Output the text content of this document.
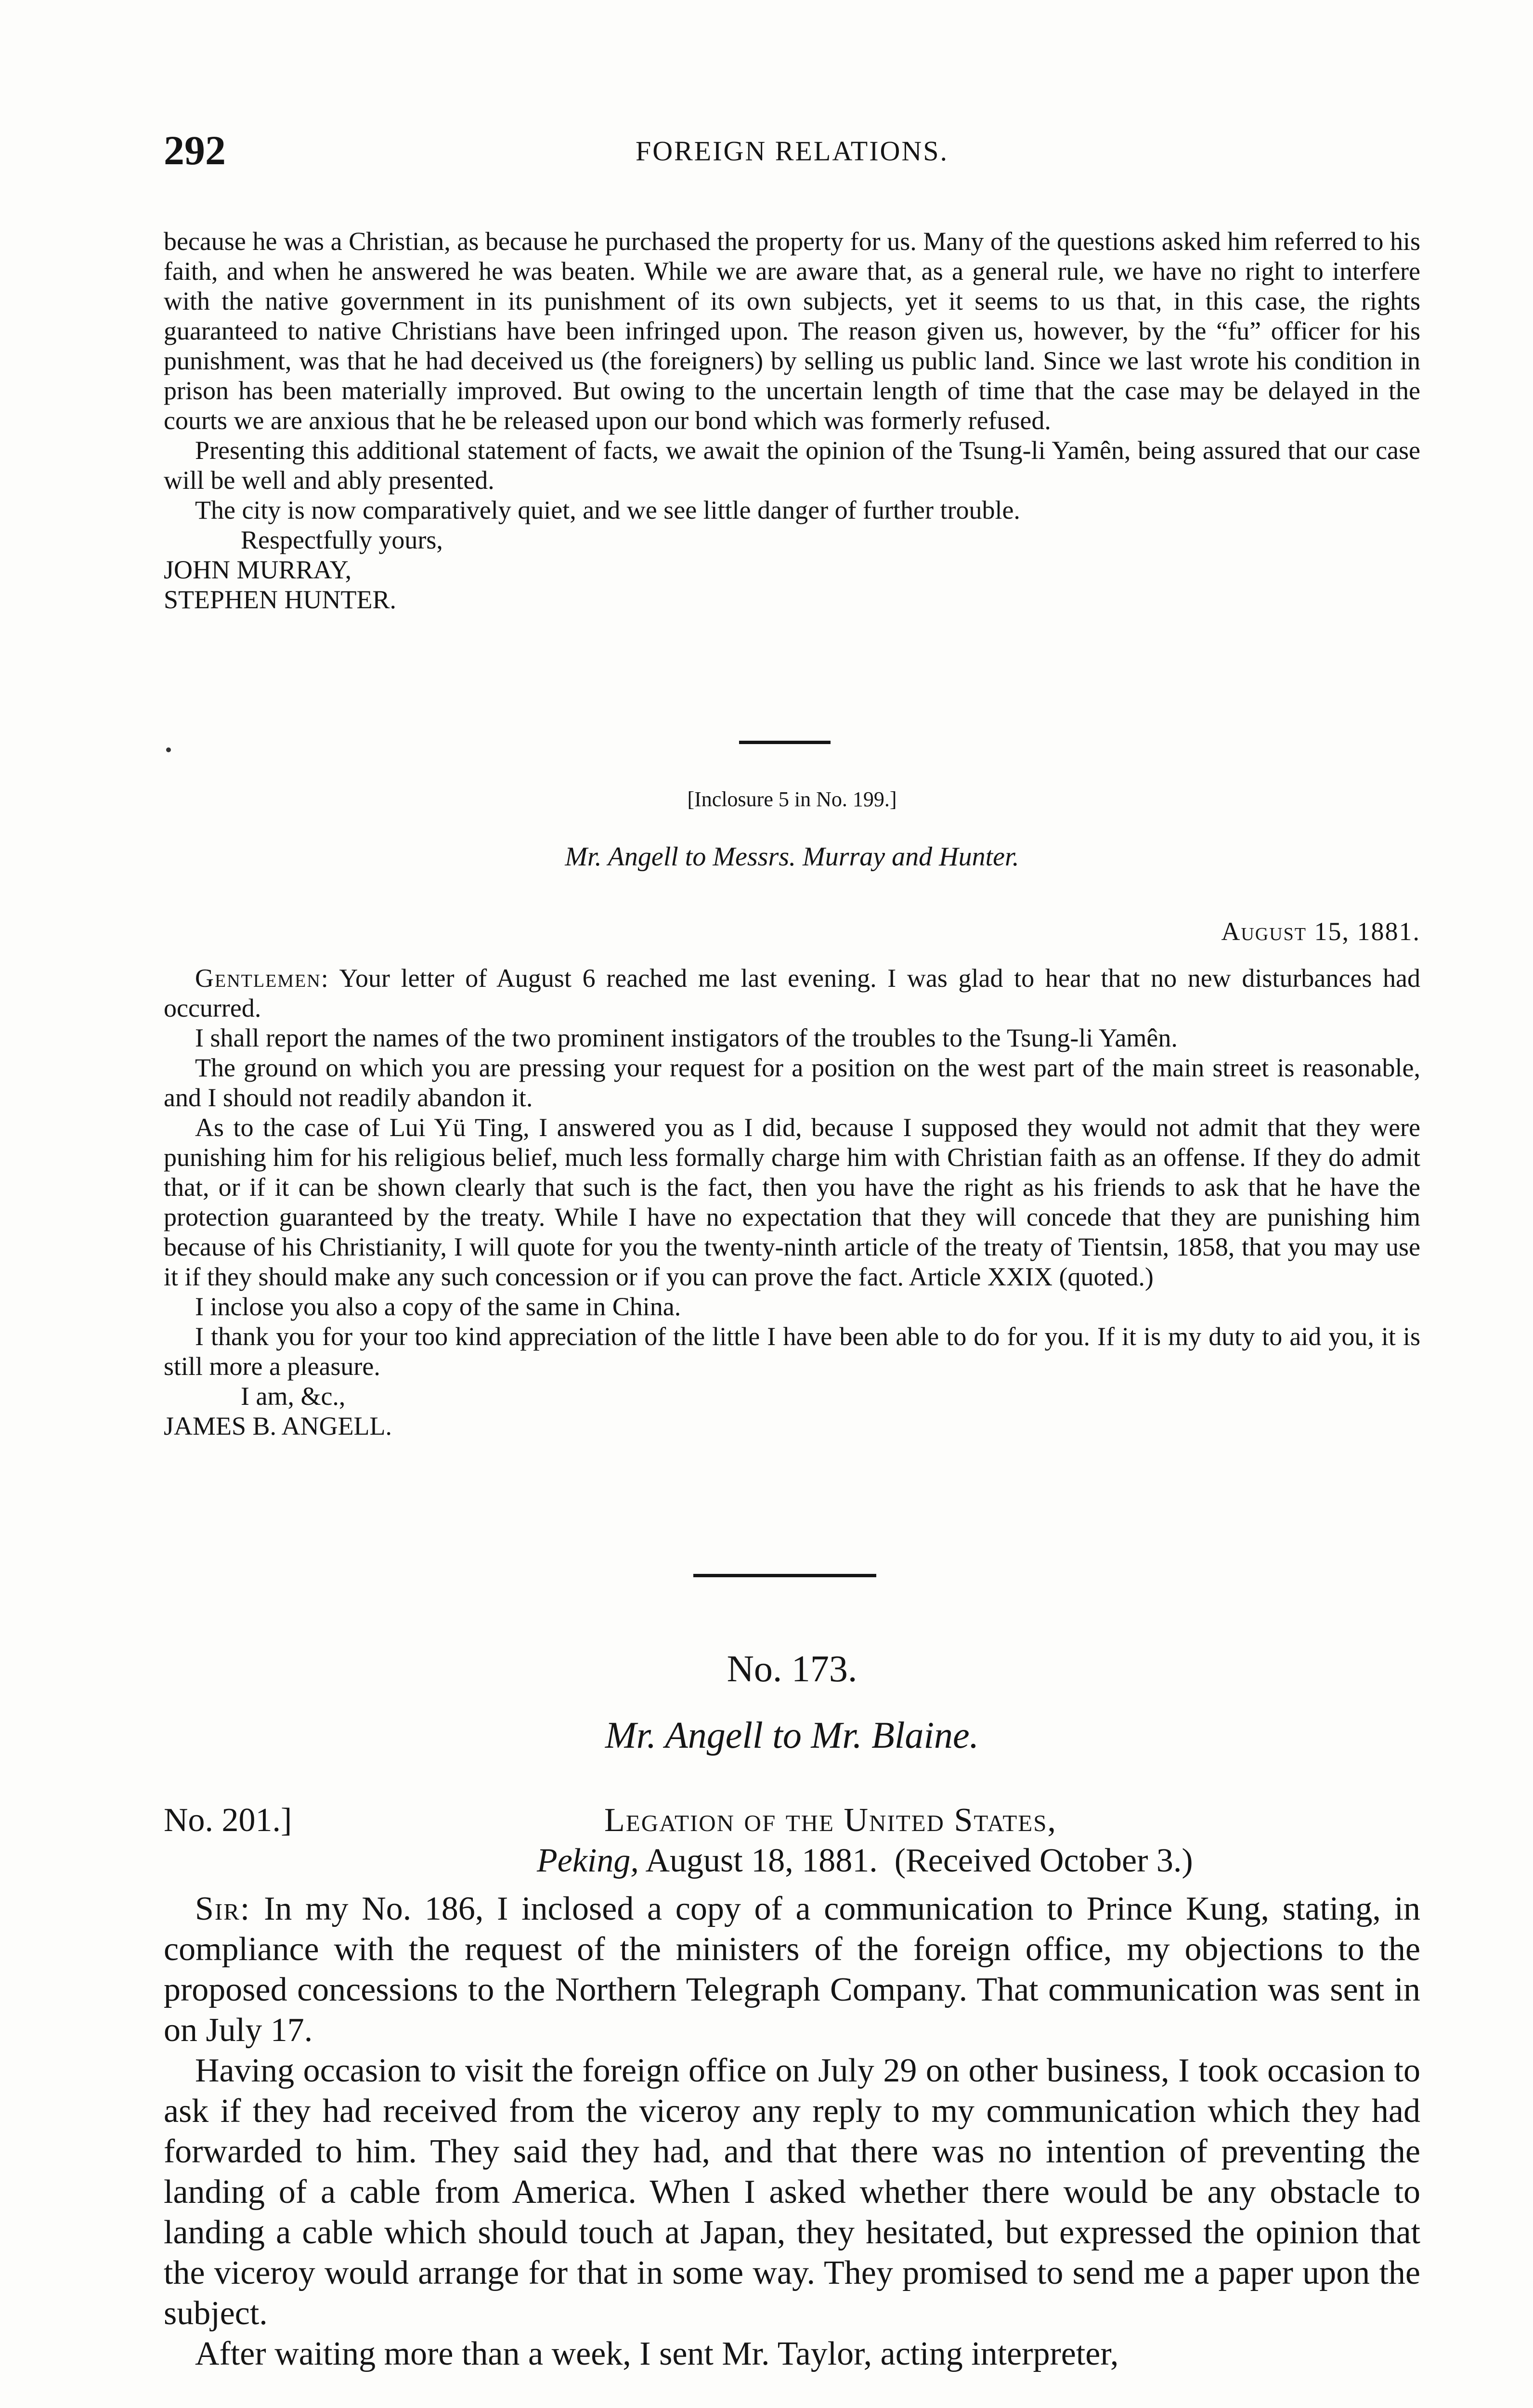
292	FOREIGN RELATIONS.

because he was a Christian, as because he purchased the property for us. Many of the questions asked him referred to his faith, and when he answered he was beaten. While we are aware that, as a general rule, we have no right to interfere with the native government in its punishment of its own subjects, yet it seems to us that, in this case, the rights guaranteed to native Christians have been infringed upon. The reason given us, however, by the “fu” officer for his punishment, was that he had deceived us (the foreigners) by selling us public land. Since we last wrote his condition in prison has been materially improved. But owing to the uncertain length of time that the case may be delayed in the courts we are anxious that he be released upon our bond which was formerly refused.

Presenting this additional statement of facts, we await the opinion of the Tsung-li Yamên, being assured that our case will be well and ably presented.

The city is now comparatively quiet, and we see little danger of further trouble.

Respectfully yours,

JOHN MURRAY,

STEPHEN HUNTER.

[Inclosure 5 in No. 199.]
Mr. Angell to Messrs. Murray and Hunter.
August 15, 1881.

Gentlemen: Your letter of August 6 reached me last evening. I was glad to hear that no new disturbances had occurred.

I shall report the names of the two prominent instigators of the troubles to the Tsung-li Yamên.

The ground on which you are pressing your request for a position on the west part of the main street is reasonable, and I should not readily abandon it.

As to the case of Lui Yü Ting, I answered you as I did, because I supposed they would not admit that they were punishing him for his religious belief, much less formally charge him with Christian faith as an offense. If they do admit that, or if it can be shown clearly that such is the fact, then you have the right as his friends to ask that he have the protection guaranteed by the treaty. While I have no expectation that they will concede that they are punishing him because of his Christianity, I will quote for you the twenty-ninth article of the treaty of Tientsin, 1858, that you may use it if they should make any such concession or if you can prove the fact. Article XXIX (quoted.)

I inclose you also a copy of the same in China.

I thank you for your too kind appreciation of the little I have been able to do for you. If it is my duty to aid you, it is still more a pleasure.

I am, &c.,

JAMES B. ANGELL.

No. 173.
Mr. Angell to Mr. Blaine.
No. 201.]	Legation of the United States,
Peking, August 18, 1881. (Received October 3.)

Sir: In my No. 186, I inclosed a copy of a communication to Prince Kung, stating, in compliance with the request of the ministers of the foreign office, my objections to the proposed concessions to the Northern Telegraph Company. That communication was sent in on July 17.

Having occasion to visit the foreign office on July 29 on other business, I took occasion to ask if they had received from the viceroy any reply to my communication which they had forwarded to him. They said they had, and that there was no intention of preventing the landing of a cable from America. When I asked whether there would be any obstacle to landing a cable which should touch at Japan, they hesitated, but expressed the opinion that the viceroy would arrange for that in some way. They promised to send me a paper upon the subject.

After waiting more than a week, I sent Mr. Taylor, acting interpreter,
